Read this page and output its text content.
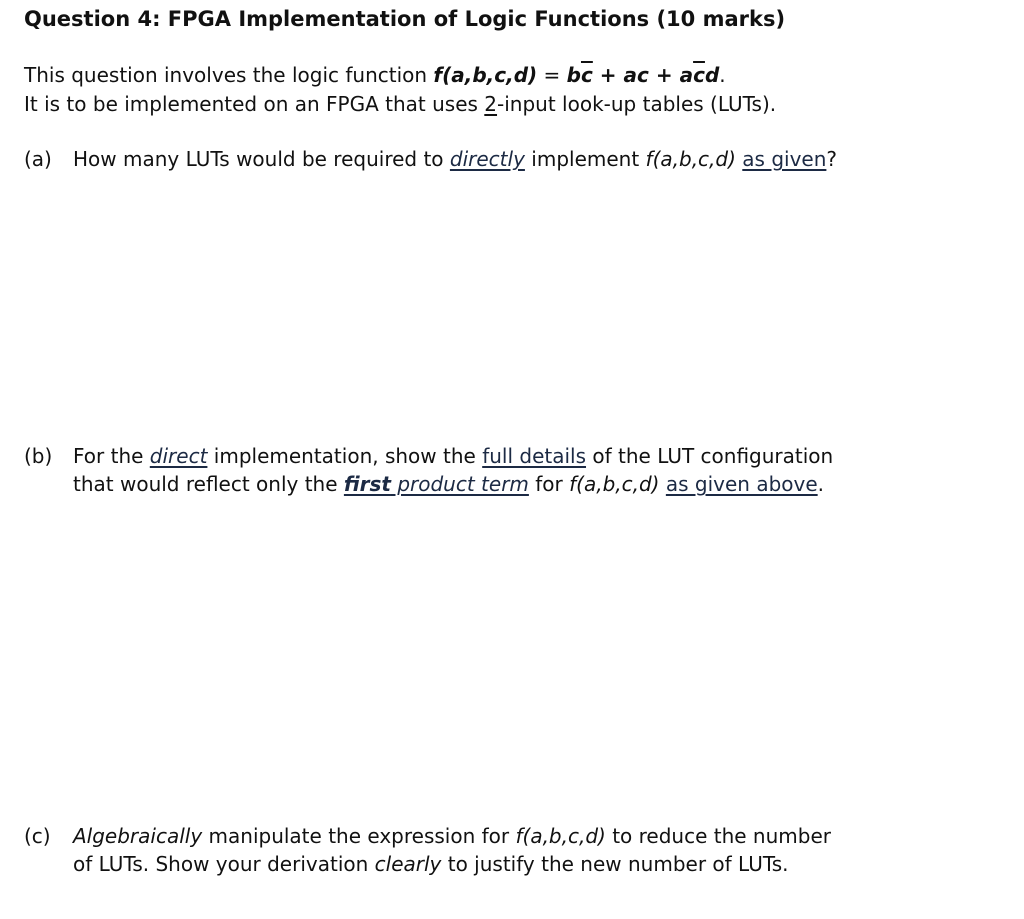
Question 4: FPGA Implementation of Logic Functions (10 marks)
This question involves the logic function $f(a,b,c,d) = b\overline{c}$ + ac + $a\overline{c}d$.
It is to be implemented on an FPGA that uses 2-input look-up tables (LUTs).
(a) How many LUTs would be required to directly implement f(a,b,c,d) as given?
(b) For the direct implementation, show the full details of the LUT configuration
that would reflect only the first product term for f(a,b,c,d) as given above.
(c) Algebraically manipulate the expression for f(a,b,c,d) to reduce the number
of LUTs. Show your derivation clearly to justify the new number of LUTs.
